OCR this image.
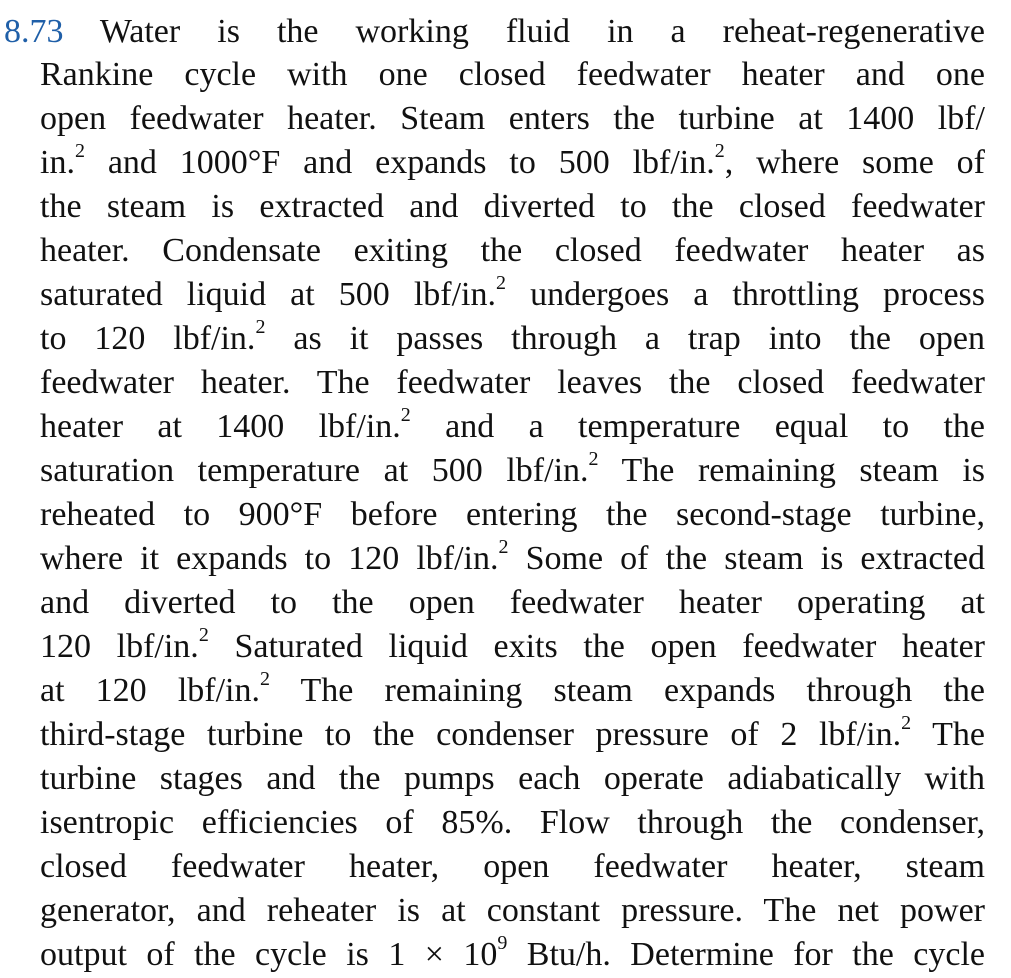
8.73 Water is the working fluid in a reheat-regenerative
Rankine cycle with one closed feedwater heater and one
open feedwater heater. Steam enters the turbine at 1400 lbf/
in.$^2$ and 1000°F and expands to 500 lbf/in.$^2$, where some of
the steam is extracted and diverted to the closed feedwater
heater. Condensate exiting the closed feedwater heater as
saturated liquid at 500 lbf/in.$^2$ undergoes a throttling process
to 120 lbf/in.$^2$ as it passes through a trap into the open
feedwater heater. The feedwater leaves the closed feedwater
heater at 1400 lbf/in.$^2$ and a temperature equal to the
saturation temperature at 500 lbf/in.$^2$ The remaining steam is
reheated to 900°F before entering the second-stage turbine,
where it expands to 120 lbf/in.$^2$ Some of the steam is extracted
and diverted to the open feedwater heater operating at
120 lbf/in.$^2$ Saturated liquid exits the open feedwater heater
at 120 lbf/in.$^2$ The remaining steam expands through the
third-stage turbine to the condenser pressure of 2 lbf/in.$^2$ The
turbine stages and the pumps each operate adiabatically with
isentropic efficiencies of 85%. Flow through the condenser,
closed feedwater heater, open feedwater heater, steam
generator, and reheater is at constant pressure. The net power
output of the cycle is $1 \times 10^9$ Btu/h. Determine for the cycle
